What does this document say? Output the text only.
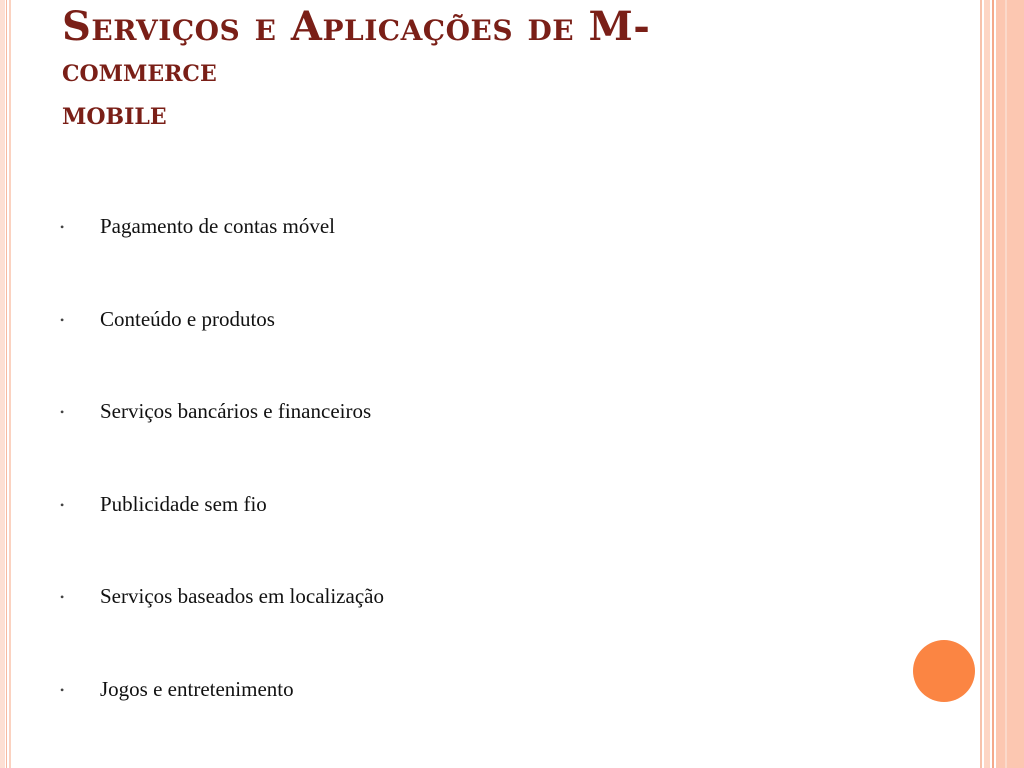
Serviços e Aplicações de M-
commerce
mobile
• Pagamento de contas móvel
• Conteúdo e produtos
• Serviços bancários e financeiros
• Publicidade sem fio
• Serviços baseados em localização
• Jogos e entretenimento
